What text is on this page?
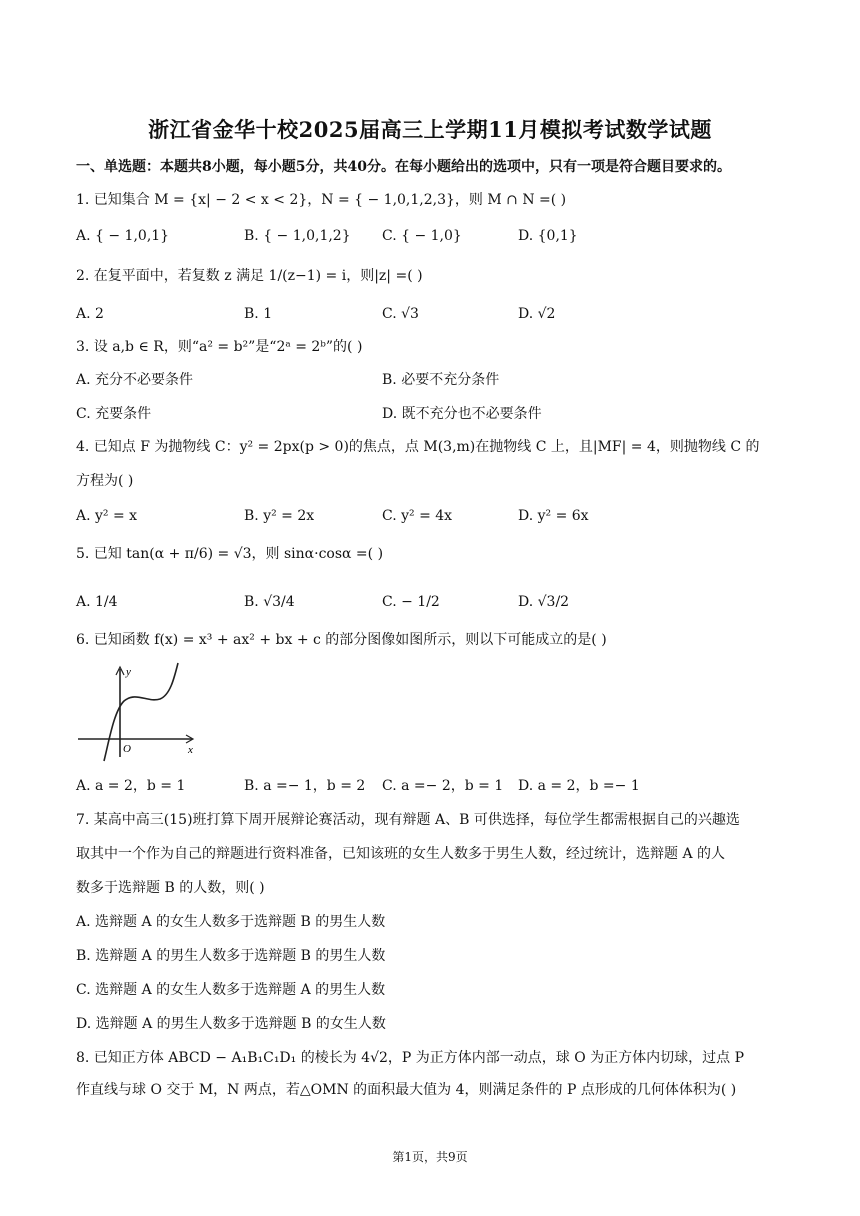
浙江省金华十校2025届高三上学期11月模拟考试数学试题
一、单选题：本题共8小题，每小题5分，共40分。在每小题给出的选项中，只有一项是符合题目要求的。
1. 已知集合 M = {x| − 2 < x < 2}，N = { − 1,0,1,2,3}，则 M ∩ N =( )
A. { − 1,0,1}	B. { − 1,0,1,2} C. { − 1,0}	D. {0,1}
2. 在复平面中，若复数 z 满足 1/(z−1) = i，则|z| =( )
A. 2	B. 1	C. √3	D. √2
3. 设 a,b ∈ R，则“a² = b²”是“2ᵃ = 2ᵇ”的( )
A. 充分不必要条件	B. 必要不充分条件
C. 充要条件	D. 既不充分也不必要条件
4. 已知点 F 为抛物线 C：y² = 2px(p > 0)的焦点，点 M(3,m)在抛物线 C 上，且|MF| = 4，则抛物线 C 的
方程为( )
A. y² = x	B. y² = 2x	C. y² = 4x	D. y² = 6x
5. 已知 tan(α + π/6) = √3，则 sinα·cosα =( )
A. 1/4	B. √3/4	C. − 1/2	D. √3/2
6. 已知函数 f(x) = x³ + ax² + bx + c 的部分图像如图所示，则以下可能成立的是( )
y
O	x
A. a = 2，b = 1	B. a =− 1，b = 2 C. a =− 2，b = 1 D. a = 2，b =− 1
7. 某高中高三(15)班打算下周开展辩论赛活动，现有辩题 A、B 可供选择，每位学生都需根据自己的兴趣选
取其中一个作为自己的辩题进行资料准备，已知该班的女生人数多于男生人数，经过统计，选辩题 A 的人
数多于选辩题 B 的人数，则( )
A. 选辩题 A 的女生人数多于选辩题 B 的男生人数
B. 选辩题 A 的男生人数多于选辩题 B 的男生人数
C. 选辩题 A 的女生人数多于选辩题 A 的男生人数
D. 选辩题 A 的男生人数多于选辩题 B 的女生人数
8. 已知正方体 ABCD − A₁B₁C₁D₁ 的棱长为 4√2，P 为正方体内部一动点，球 O 为正方体内切球，过点 P
作直线与球 O 交于 M，N 两点，若△OMN 的面积最大值为 4，则满足条件的 P 点形成的几何体体积为( )
第1页，共9页
